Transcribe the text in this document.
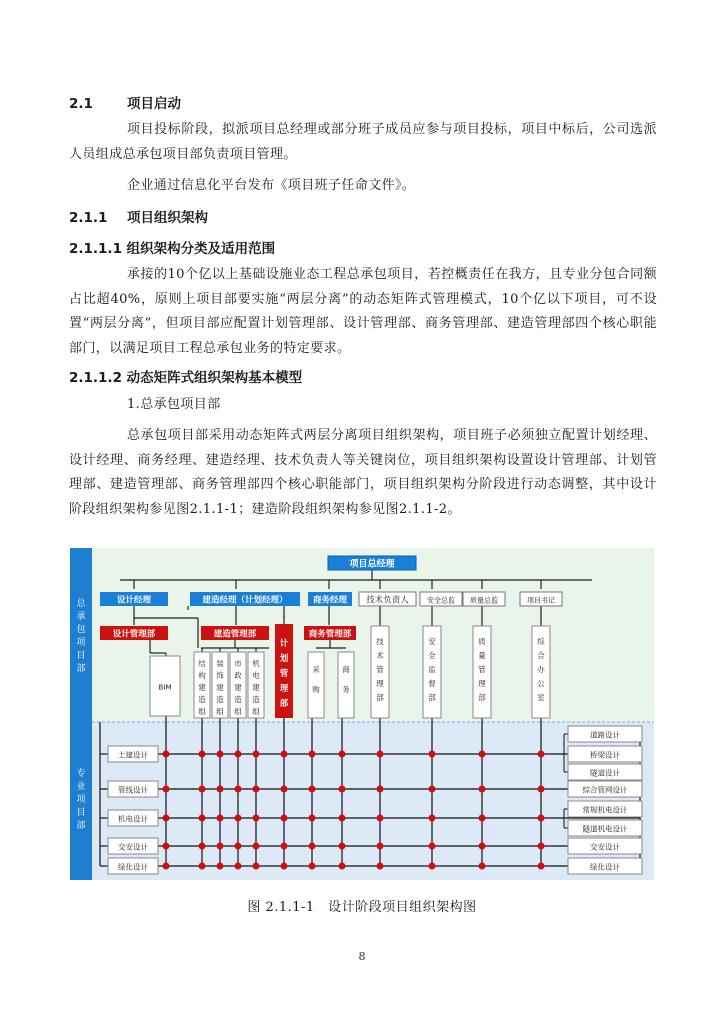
2.1	项目启动
项目投标阶段，拟派项目总经理或部分班子成员应参与项目投标，项目中标后，公司选派人员组成总承包项目部负责项目管理。
企业通过信息化平台发布《项目班子任命文件》。
2.1.1 项目组织架构
2.1.1.1 组织架构分类及适用范围
承接的10个亿以上基础设施业态工程总承包项目，若控概责任在我方，且专业分包合同额占比超40%，原则上项目部要实施“两层分离”的动态矩阵式管理模式，10个亿以下项目，可不设置“两层分离”，但项目部应配置计划管理部、设计管理部、商务管理部、建造管理部四个核心职能部门，以满足项目工程总承包业务的特定要求。
2.1.1.2 动态矩阵式组织架构基本模型
1.总承包项目部
总承包项目部采用动态矩阵式两层分离项目组织架构，项目班子必须独立配置计划经理、设计经理、商务经理、建造经理、技术负责人等关键岗位，项目组织架构设置设计管理部、计划管理部、建造管理部、商务管理部四个核心职能部门，项目组织架构分阶段进行动态调整，其中设计阶段组织架构参见图2.1.1-1；建造阶段组织架构参见图2.1.1-2。
总
承
包
项
目
部
专
业
项
目
部
项目总经理
设计经理	建造经理（计划经理）	商务经理 技术负责人	安全总监 质量总监	项目书记
设计管理部	建造管理部
计
划
管
理
部
商务管理部
BIM
结
构
建
造
组
装
饰
建
造
组
市
政
建
造
组
机
电
建
造
组
采
购
商
务
技
术
管
理
部
安
全
监
督
部
质
量
管
理
部
综
合
办
公
室
土建设计
管线设计
机电设计
交安设计
绿化设计
道路设计
桥梁设计
隧道设计
综合管网设计
常规机电设计
隧道机电设计
交安设计
绿化设计
图 2.1.1-1　设计阶段项目组织架构图
8
